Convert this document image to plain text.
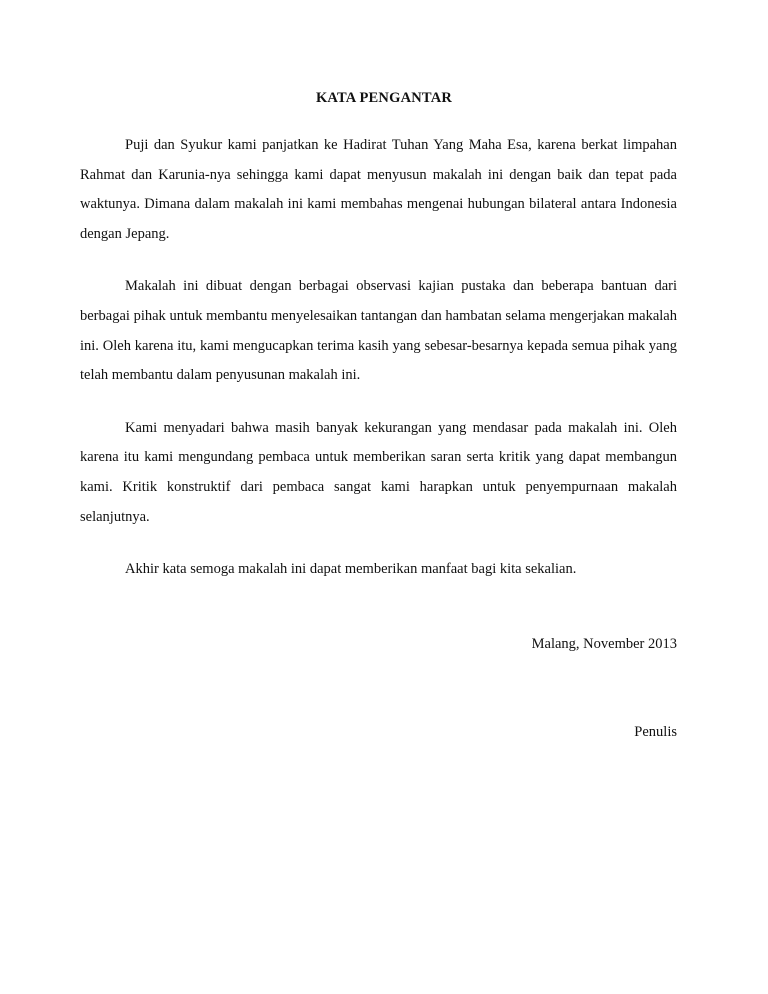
KATA PENGANTAR

Puji dan Syukur kami panjatkan ke Hadirat Tuhan Yang Maha Esa, karena berkat limpahan Rahmat dan Karunia-nya sehingga kami dapat menyusun makalah ini dengan baik dan tepat pada waktunya. Dimana dalam makalah ini kami membahas mengenai hubungan bilateral antara Indonesia dengan Jepang.

Makalah ini dibuat dengan berbagai observasi kajian pustaka dan beberapa bantuan dari berbagai pihak untuk membantu menyelesaikan tantangan dan hambatan selama mengerjakan makalah ini. Oleh karena itu, kami mengucapkan terima kasih yang sebesar-besarnya kepada semua pihak yang telah membantu dalam penyusunan makalah ini.

Kami menyadari bahwa masih banyak kekurangan yang mendasar pada makalah ini. Oleh karena itu kami mengundang pembaca untuk memberikan saran serta kritik yang dapat membangun kami. Kritik konstruktif dari pembaca sangat kami harapkan untuk penyempurnaan makalah selanjutnya.

Akhir kata semoga makalah ini dapat memberikan manfaat bagi kita sekalian.

Malang, November 2013
Penulis
